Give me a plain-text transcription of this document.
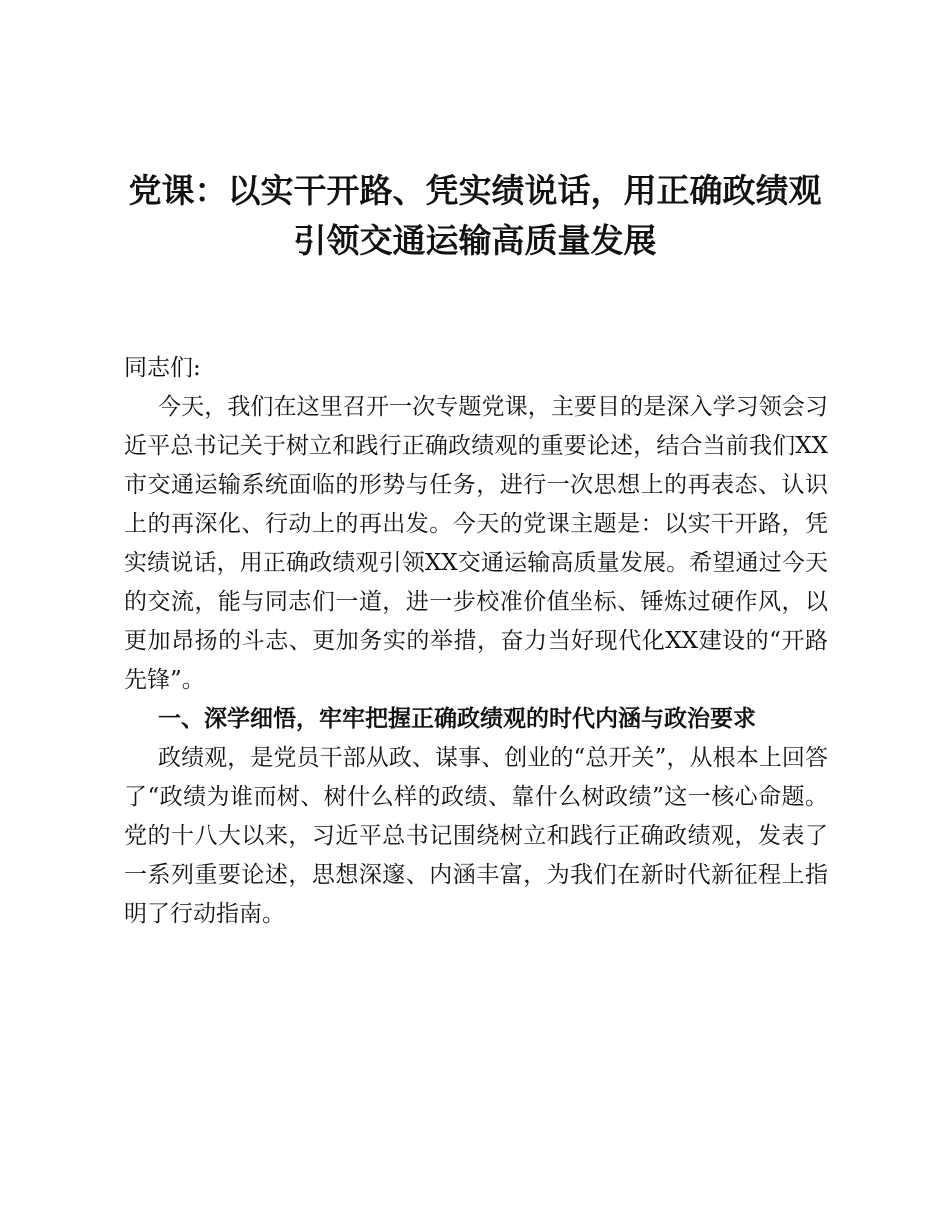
党课：以实干开路、凭实绩说话，用正确政绩观引领交通运输高质量发展

同志们:

今天，我们在这里召开一次专题党课，主要目的是深入学习领会习近平总书记关于树立和践行正确政绩观的重要论述，结合当前我们XX市交通运输系统面临的形势与任务，进行一次思想上的再表态、认识上的再深化、行动上的再出发。今天的党课主题是：以实干开路，凭实绩说话，用正确政绩观引领XX交通运输高质量发展。希望通过今天的交流，能与同志们一道，进一步校准价值坐标、锤炼过硬作风，以更加昂扬的斗志、更加务实的举措，奋力当好现代化XX建设的“开路先锋”。

一、深学细悟，牢牢把握正确政绩观的时代内涵与政治要求

政绩观，是党员干部从政、谋事、创业的“总开关”，从根本上回答了“政绩为谁而树、树什么样的政绩、靠什么树政绩”这一核心命题。党的十八大以来，习近平总书记围绕树立和践行正确政绩观，发表了一系列重要论述，思想深邃、内涵丰富，为我们在新时代新征程上指明了行动指南。
